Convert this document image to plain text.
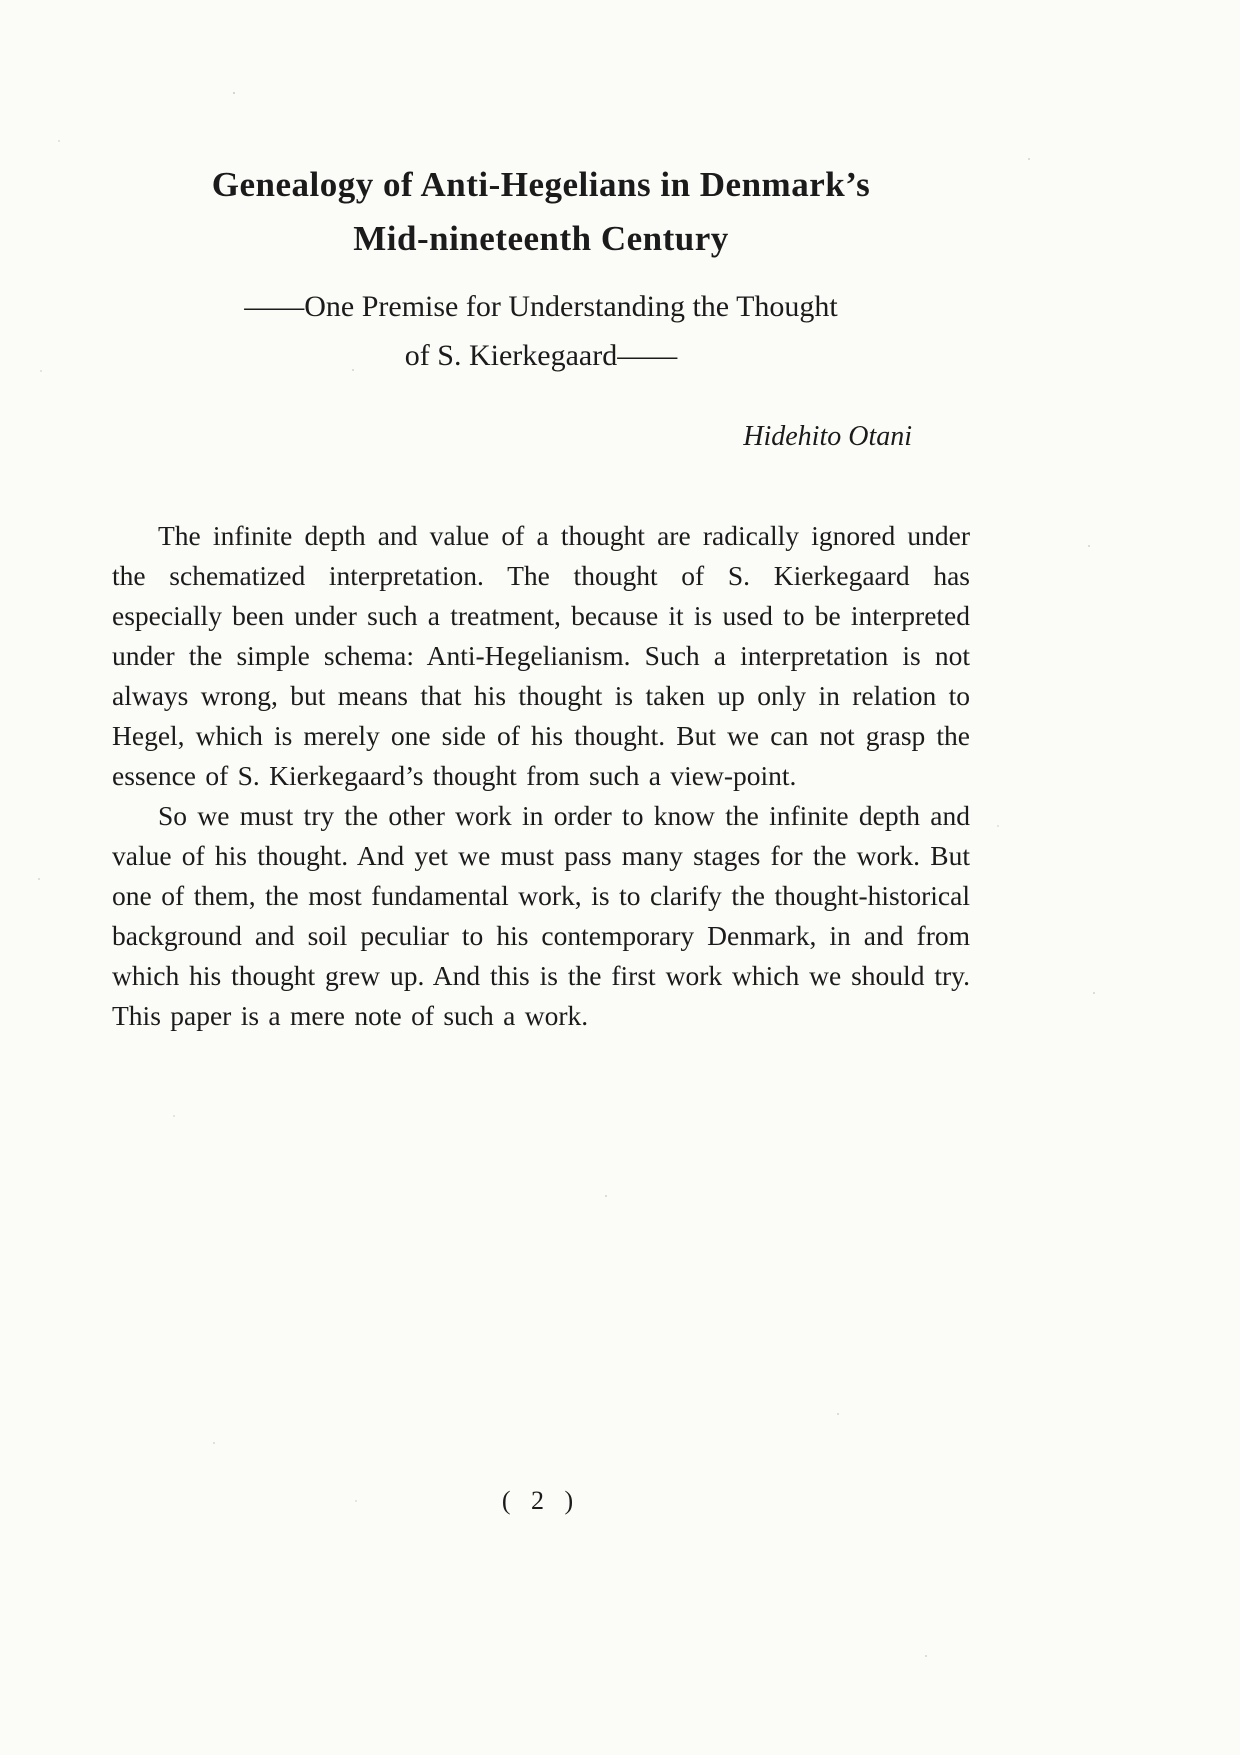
Genealogy of Anti-Hegelians in Denmark’s
Mid-nineteenth Century
——One Premise for Understanding the Thought
of S. Kierkegaard——
Hidehito Otani

The infinite depth and value of a thought are radically ignored under the schematized interpretation. The thought of S. Kierkegaard has especially been under such a treatment, because it is used to be interpreted under the simple schema: Anti-Hegelianism. Such a interpretation is not always wrong, but means that his thought is taken up only in relation to Hegel, which is merely one side of his thought. But we can not grasp the essence of S. Kierkegaard’s thought from such a view-point.

So we must try the other work in order to know the infinite depth and value of his thought. And yet we must pass many stages for the work. But one of them, the most fundamental work, is to clarify the thought-historical background and soil peculiar to his contemporary Denmark, in and from which his thought grew up. And this is the first work which we should try. This paper is a mere note of such a work.

( 2 )
